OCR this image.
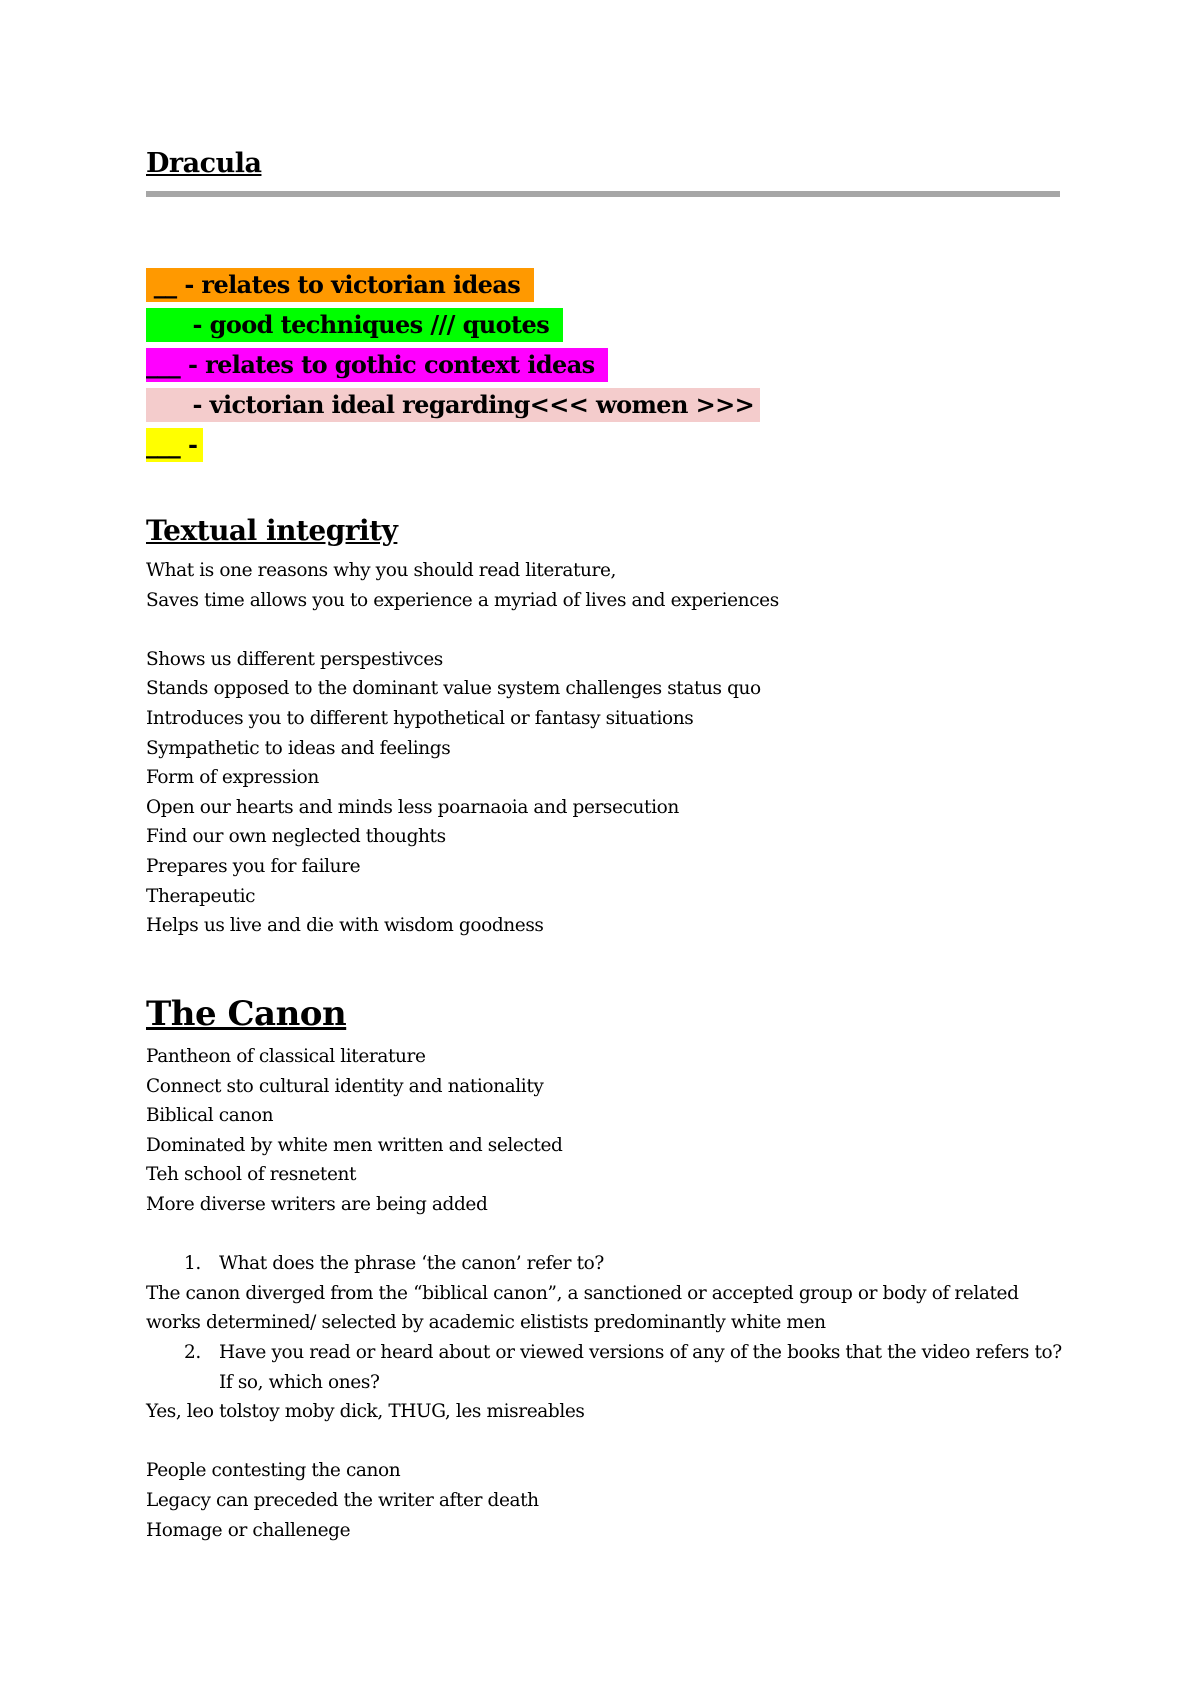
Dracula
__ - relates to victorian ideas
- good techniques /// quotes
___ - relates to gothic context ideas
- victorian ideal regarding<<< women >>>
___ -
Textual integrity
What is one reasons why you should read literature,
Saves time allows you to experience a myriad of lives and experiences
Shows us different perspestivces
Stands opposed to the dominant value system challenges status quo
Introduces you to different hypothetical or fantasy situations
Sympathetic to ideas and feelings
Form of expression
Open our hearts and minds less poarnaoia and persecution
Find our own neglected thoughts
Prepares you for failure
Therapeutic
Helps us live and die with wisdom goodness
The Canon
Pantheon of classical literature
Connect sto cultural identity and nationality
Biblical canon
Dominated by white men written and selected
Teh school of resnetent
More diverse writers are being added
1. What does the phrase ‘the canon’ refer to?
The canon diverged from the “biblical canon”, a sanctioned or accepted group or body of related works determined/ selected by academic elistists predominantly white men
2. Have you read or heard about or viewed versions of any of the books that the video refers to? If so, which ones?
Yes, leo tolstoy moby dick, THUG, les misreables
People contesting the canon
Legacy can preceded the writer after death
Homage or challenege
